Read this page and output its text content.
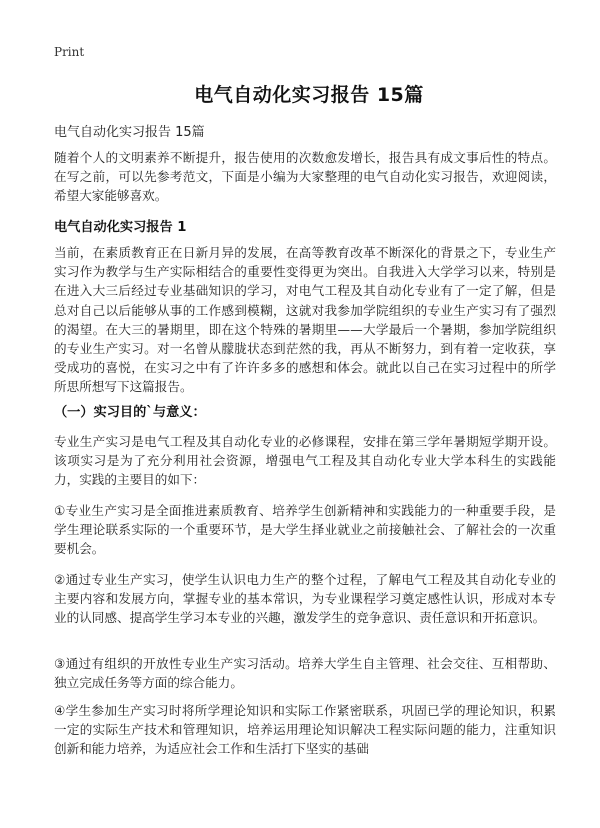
Print
电气自动化实习报告 15篇
电气自动化实习报告 15篇

随着个人的文明素养不断提升，报告使用的次数愈发增长，报告具有成文事后性的特点。在写之前，可以先参考范文，下面是小编为大家整理的电气自动化实习报告，欢迎阅读，希望大家能够喜欢。

电气自动化实习报告 1

当前，在素质教育正在日新月异的发展，在高等教育改革不断深化的背景之下，专业生产实习作为教学与生产实际相结合的重要性变得更为突出。自我进入大学学习以来，特别是在进入大三后经过专业基础知识的学习，对电气工程及其自动化专业有了一定了解，但是总对自己以后能够从事的工作感到模糊，这就对我参加学院组织的专业生产实习有了强烈的渴望。在大三的暑期里，即在这个特殊的暑期里——大学最后一个暑期，参加学院组织的专业生产实习。对一名曾从朦胧状态到茫然的我，再从不断努力，到有着一定收获，享受成功的喜悦，在实习之中有了许许多多的感想和体会。就此以自己在实习过程中的所学所思所想写下这篇报告。

（一）实习目的`与意义：

专业生产实习是电气工程及其自动化专业的必修课程，安排在第三学年暑期短学期开设。该项实习是为了充分利用社会资源，增强电气工程及其自动化专业大学本科生的实践能力，实践的主要目的如下：

①专业生产实习是全面推进素质教育、培养学生创新精神和实践能力的一种重要手段，是学生理论联系实际的一个重要环节，是大学生择业就业之前接触社会、了解社会的一次重要机会。

②通过专业生产实习，使学生认识电力生产的整个过程，了解电气工程及其自动化专业的主要内容和发展方向，掌握专业的基本常识，为专业课程学习奠定感性认识，形成对本专业的认同感、提高学生学习本专业的兴趣，激发学生的竞争意识、责任意识和开拓意识。

③通过有组织的开放性专业生产实习活动。培养大学生自主管理、社会交往、互相帮助、独立完成任务等方面的综合能力。

④学生参加生产实习时将所学理论知识和实际工作紧密联系，巩固已学的理论知识，积累一定的实际生产技术和管理知识，培养运用理论知识解决工程实际问题的能力，注重知识创新和能力培养，为适应社会工作和生活打下坚实的基础
